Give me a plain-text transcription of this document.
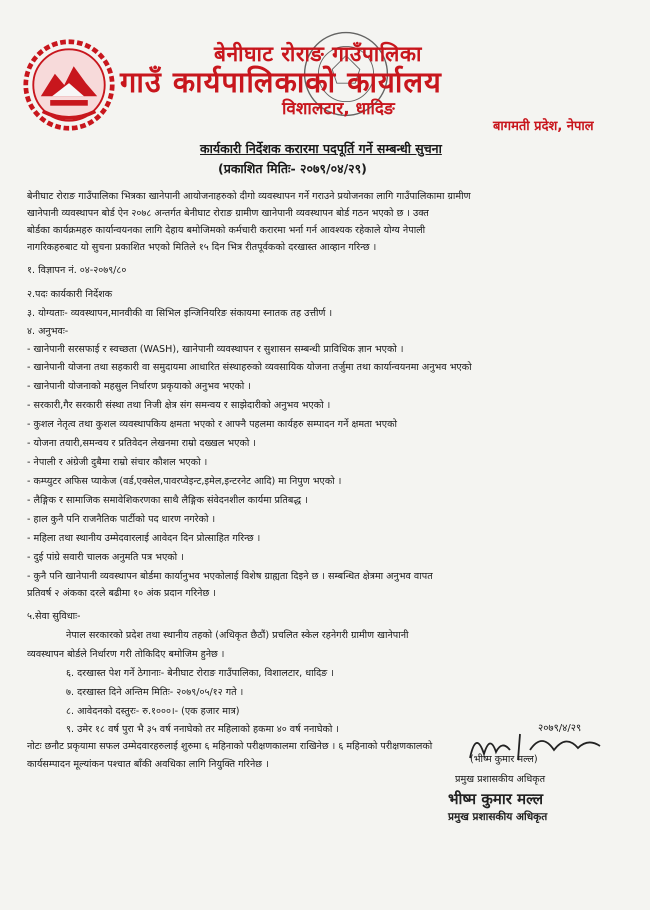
बेनीघाट रोराङ गाउँपालिका
गाउँ कार्यपालिकाको कार्यालय
विशालटार, धादिङ
बागमती प्रदेश, नेपाल
कार्यकारी निर्देशक करारमा पदपूर्ति गर्ने सम्बन्धी सुचना
(प्रकाशित मितिः- २०७९/०४/२९)
बेनीघाट रोराङ गाउँपालिका भित्रका खानेपानी आयोजनाहरुको दीगो व्यवस्थापन गर्ने गराउने प्रयोजनका लागि गाउँपालिकामा ग्रामीण
खानेपानी व्यवस्थापन बोर्ड ऐन २०७८ अन्तर्गत बेनीघाट रोराङ ग्रामीण खानेपानी व्यवस्थापन बोर्ड गठन भएको छ । उक्त
बोर्डका कार्यक्रमहरु कार्यान्वयनका लागि देहाय बमोजिमको कर्मचारी करारमा भर्ना गर्न आवश्यक रहेकाले योग्य नेपाली
नागरिकहरुबाट यो सुचना प्रकाशित भएको मितिले १५ दिन भित्र रीतपूर्वकको दरखास्त आव्हान गरिन्छ ।
१. विज्ञापन नं. ०४-२०७९/८०
२.पदः कार्यकारी निर्देशक
३. योग्यताः- व्यवस्थापन,मानवीकी वा सिभिल इन्जिनियरिङ संकायमा स्नातक तह उत्तीर्ण ।
४. अनुभवः-
- खानेपानी सरसफाई र स्वच्छता (WASH), खानेपानी व्यवस्थापन र सुशासन सम्बन्धी प्राविधिक ज्ञान भएको ।
- खानेपानी योजना तथा सहकारी वा समुदायमा आधारित संस्थाहरुको व्यवसायिक योजना तर्जुमा तथा कार्यान्वयनमा अनुभव भएको
- खानेपानी योजनाको महसुल निर्धारण प्रकृयाको अनुभव भएको ।
- सरकारी,गैर सरकारी संस्था तथा निजी क्षेत्र संग समन्वय र साझेदारीको अनुभव भएको ।
- कुशल नेतृत्व तथा कुशल व्यवस्थापकिय क्षमता भएको र आफ्नै पहलमा कार्यहरु सम्पादन गर्ने क्षमता भएको
- योजना तयारी,समन्वय र प्रतिवेदन लेखनमा राम्रो दख्खल भएको ।
- नेपाली र अंग्रेजी दुबैमा राम्रो संचार कौशल भएको ।
- कम्प्युटर अफिस प्याकेज (वर्ड,एक्सेल,पावरप्वेइन्ट,इमेल,इन्टरनेट आदि) मा निपुण भएको ।
- लैङ्गिक र सामाजिक समावेशिकरणका साथै लैङ्गिक संवेदनशील कार्यमा प्रतिबद्ध ।
- हाल कुनै पनि राजनैतिक पार्टीको पद धारण नगरेको ।
- महिला तथा स्थानीय उम्मेदवारलाई आवेदन दिन प्रोत्साहित गरिन्छ ।
- दुई पांग्रे सवारी चालक अनुमति पत्र भएको ।
- कुनै पनि खानेपानी व्यवस्थापन बोर्डमा कार्यानुभव भएकोलाई विशेष ग्राह्यता दिइने छ । सम्बन्धित क्षेत्रमा अनुभव वापत
प्रतिवर्ष २ अंकका दरले बढीमा १० अंक प्रदान गरिनेछ ।
५.सेवा सुविधाः-
नेपाल सरकारको प्रदेश तथा स्थानीय तहको (अधिकृत छैठौं) प्रचलित स्केल रहनेगरी ग्रामीण खानेपानी
व्यवस्थापन बोर्डले निर्धारण गरी तोकिदिए बमोजिम हुनेछ ।
६. दरखास्त पेश गर्ने ठेगानाः- बेनीघाट रोराङ गाउँपालिका, विशालटार, धादिङ ।
७. दरखास्त दिने अन्तिम मितिः- २०७९/०५/१२ गते ।
८. आवेदनको दस्तुरः- रु.१०००।- (एक हजार मात्र)
९. उमेर १८ वर्ष पुरा भै ३५ वर्ष ननाघेको तर महिलाको हकमा ४० वर्ष ननाघेको ।
नोटः छनौट प्रकृयामा सफल उम्मेदवारहरुलाई शुरुमा ६ महिनाको परीक्षणकालमा राखिनेछ । ६ महिनाको परीक्षणकालको
कार्यसम्पादन मूल्यांकन पश्चात बाँकी अवधिका लागि नियुक्ति गरिनेछ ।
२०७९/४/२९
(भीष्म कुमार मल्ल)
प्रमुख प्रशासकीय अधिकृत
भीष्म कुमार मल्ल
प्रमुख प्रशासकीय अधिकृत
